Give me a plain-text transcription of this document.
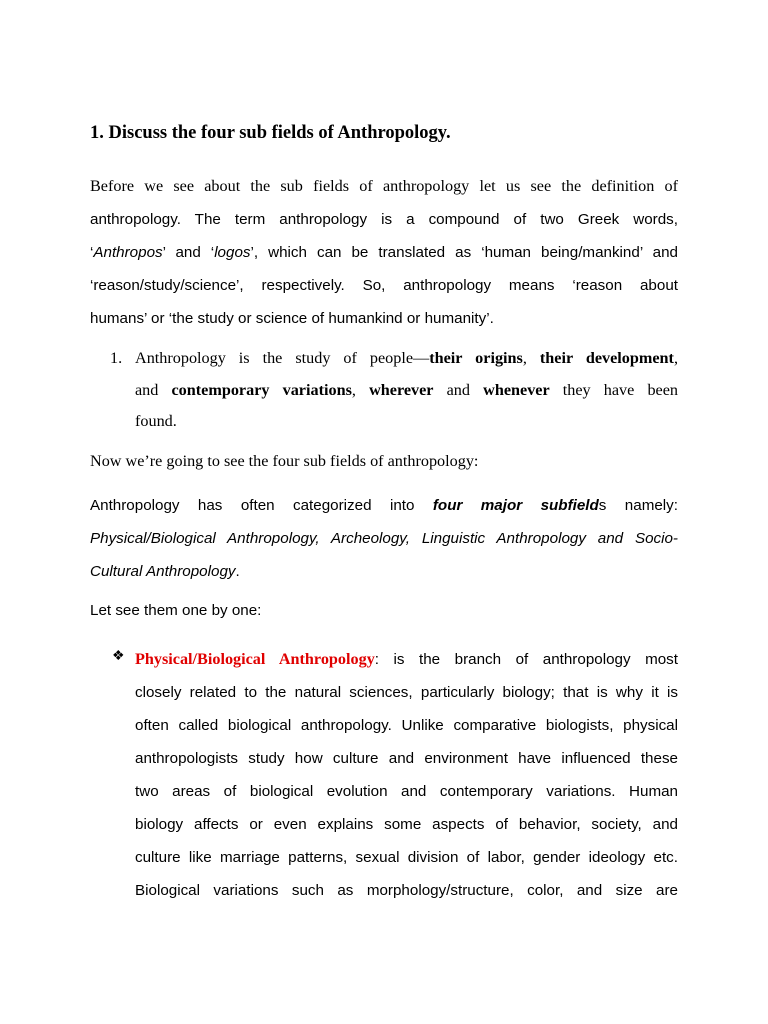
1. Discuss the four sub fields of Anthropology.
Before we see about the sub fields of anthropology let us see the definition of
anthropology. The term anthropology is a compound of two Greek words,
‘Anthropos’ and ‘logos’, which can be translated as ‘human being/mankind’ and
‘reason/study/science’, respectively. So, anthropology means ‘reason about
humans’ or ‘the study or science of humankind or humanity’.
1. Anthropology is the study of people—their origins, their development,
and contemporary variations, wherever and whenever they have been
found.

Now we’re going to see the four sub fields of anthropology:

Anthropology has often categorized into four major subfields namely:
Physical/Biological Anthropology, Archeology, Linguistic Anthropology and Socio-
Cultural Anthropology.

Let see them one by one:

❖ Physical/Biological Anthropology: is the branch of anthropology most
closely related to the natural sciences, particularly biology; that is why it is
often called biological anthropology. Unlike comparative biologists, physical
anthropologists study how culture and environment have influenced these
two areas of biological evolution and contemporary variations. Human
biology affects or even explains some aspects of behavior, society, and
culture like marriage patterns, sexual division of labor, gender ideology etc.
Biological variations such as morphology/structure, color, and size are
